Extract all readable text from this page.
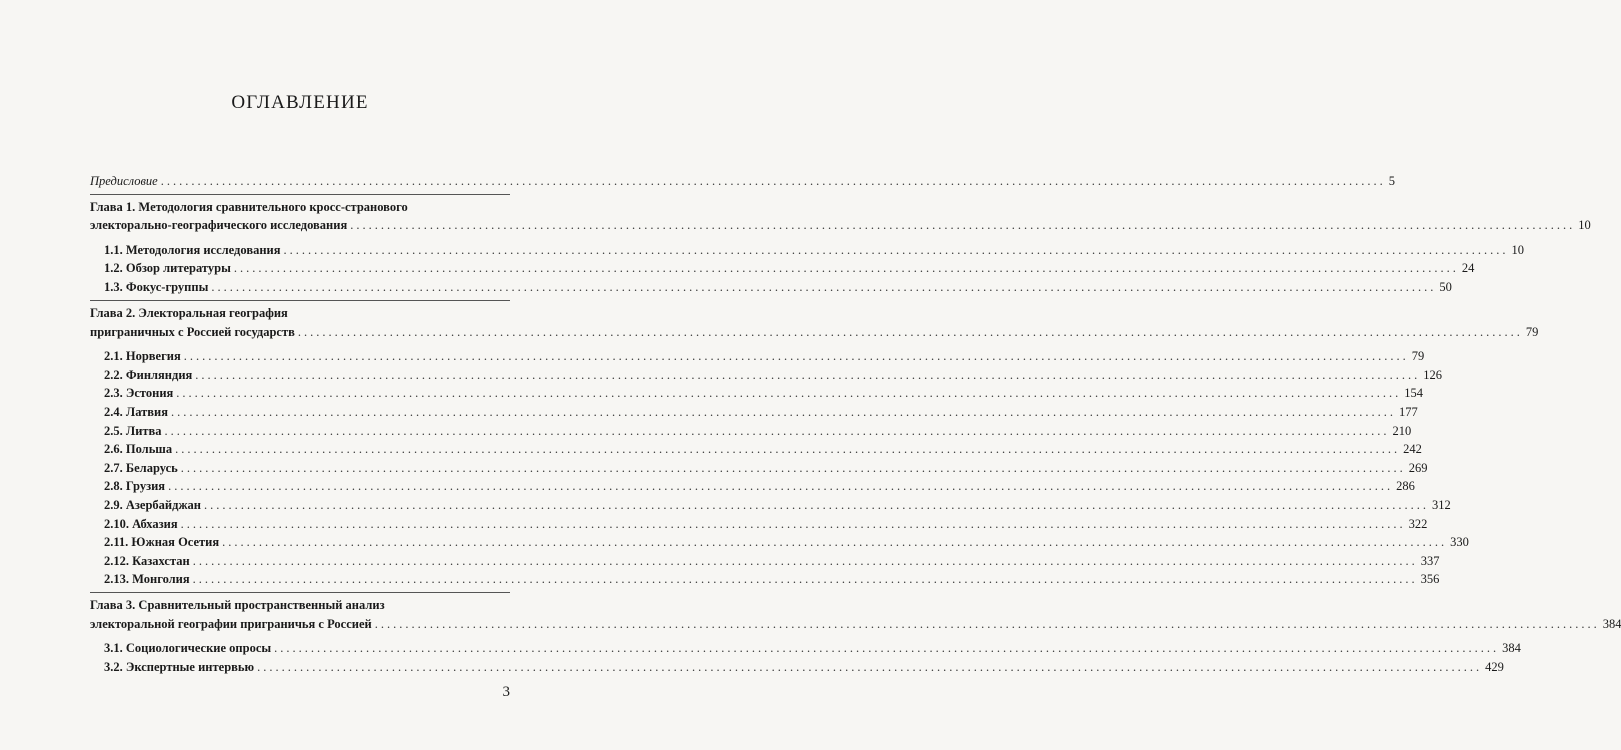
ОГЛАВЛЕНИЕ
Предисловие ........................................................................................................................................................................................................ 5
Глава 1. Методология сравнительного кросс-странового
электорально-географического исследования ........................................................................................................................................................................................................ 10
1.1. Методология исследования ........................................................................................................................................................................................................ 10
1.2. Обзор литературы ........................................................................................................................................................................................................ 24
1.3. Фокус-группы ........................................................................................................................................................................................................ 50
Глава 2. Электоральная география
приграничных с Россией государств ........................................................................................................................................................................................................ 79
2.1. Норвегия ........................................................................................................................................................................................................ 79
2.2. Финляндия ........................................................................................................................................................................................................ 126
2.3. Эстония ........................................................................................................................................................................................................ 154
2.4. Латвия ........................................................................................................................................................................................................ 177
2.5. Литва ........................................................................................................................................................................................................ 210
2.6. Польша ........................................................................................................................................................................................................ 242
2.7. Беларусь ........................................................................................................................................................................................................ 269
2.8. Грузия ........................................................................................................................................................................................................ 286
2.9. Азербайджан ........................................................................................................................................................................................................ 312
2.10. Абхазия ........................................................................................................................................................................................................ 322
2.11. Южная Осетия ........................................................................................................................................................................................................ 330
2.12. Казахстан ........................................................................................................................................................................................................ 337
2.13. Монголия ........................................................................................................................................................................................................ 356
Глава 3. Сравнительный пространственный анализ
электоральной географии приграничья с Россией ........................................................................................................................................................................................................ 384
3.1. Социологические опросы ........................................................................................................................................................................................................ 384
3.2. Экспертные интервью ........................................................................................................................................................................................................ 429
3
